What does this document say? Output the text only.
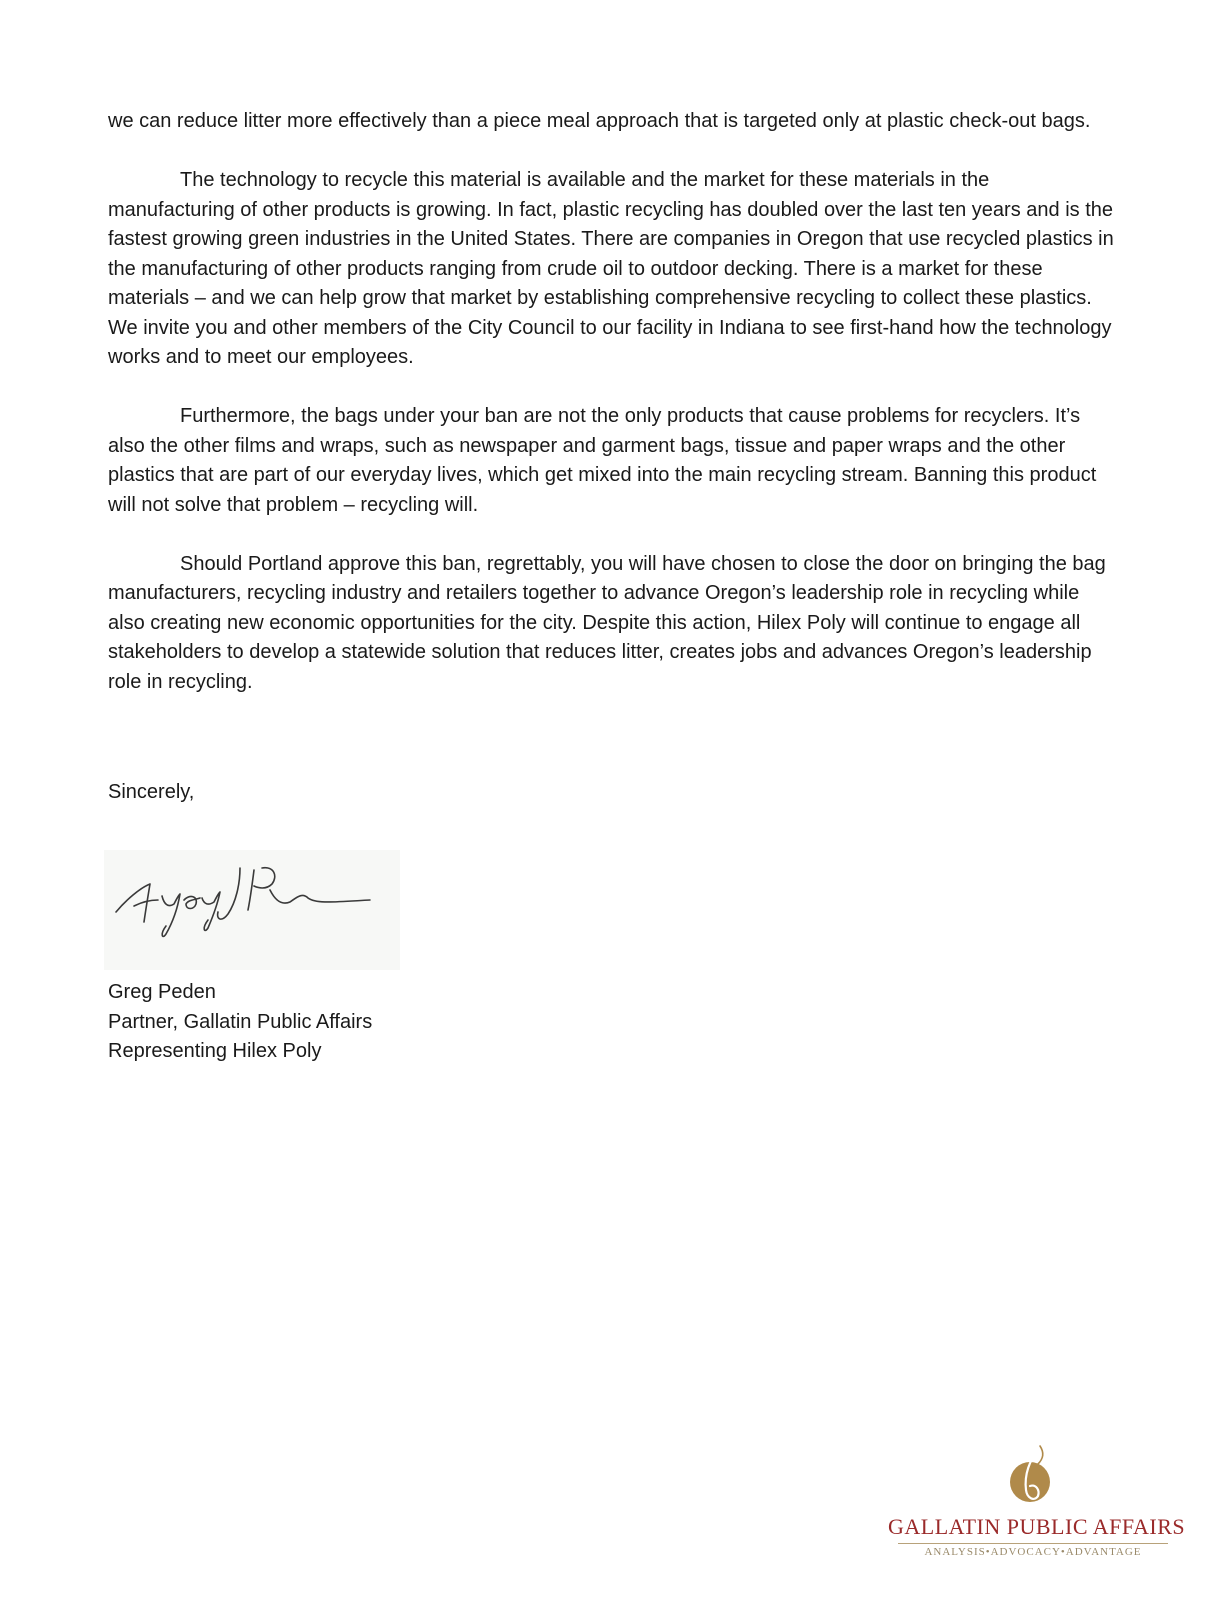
we can reduce litter more effectively than a piece meal approach that is targeted only at plastic check-out bags.

The technology to recycle this material is available and the market for these materials in the manufacturing of other products is growing. In fact, plastic recycling has doubled over the last ten years and is the fastest growing green industries in the United States. There are companies in Oregon that use recycled plastics in the manufacturing of other products ranging from crude oil to outdoor decking. There is a market for these materials – and we can help grow that market by establishing comprehensive recycling to collect these plastics. We invite you and other members of the City Council to our facility in Indiana to see first-hand how the technology works and to meet our employees.

Furthermore, the bags under your ban are not the only products that cause problems for recyclers. It’s also the other films and wraps, such as newspaper and garment bags, tissue and paper wraps and the other plastics that are part of our everyday lives, which get mixed into the main recycling stream. Banning this product will not solve that problem – recycling will.

Should Portland approve this ban, regrettably, you will have chosen to close the door on bringing the bag manufacturers, recycling industry and retailers together to advance Oregon’s leadership role in recycling while also creating new economic opportunities for the city. Despite this action, Hilex Poly will continue to engage all stakeholders to develop a statewide solution that reduces litter, creates jobs and advances Oregon’s leadership role in recycling.

Sincerely,

Greg Peden
Partner, Gallatin Public Affairs
Representing Hilex Poly
GALLATIN PUBLIC AFFAIRS
ANALYSIS•ADVOCACY•ADVANTAGE
